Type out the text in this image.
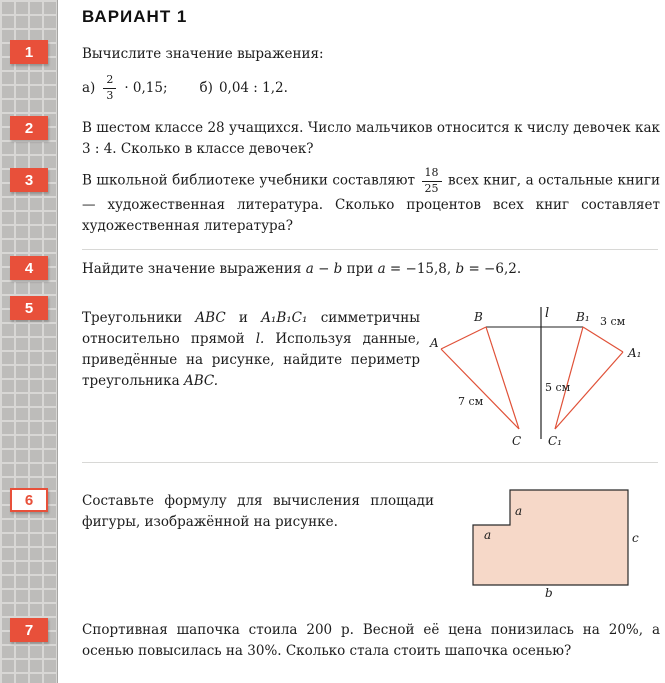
ВАРИАНТ 1
1	Вычислите значение выражения:

$а) \frac{2}{3} \cdot 0,15$; б) 0,04 : 1,2.
2	В шестом классе 28 учащихся. Число мальчиков относится к числу девочек как 3 : 4. Сколько в классе девочек?

3	В школьной библиотеке учебники составляют $\frac{18}{25}$ всех книг, а остальные книги — художественная литература. Сколько процентов всех книг составляет художественная литература?

4	Найдите значение выражения a − b при a = −15,8, b = −6,2.

5

Треугольники ABC и A₁B₁C₁ симметричны относительно прямой l. Используя данные, приведённые на рисунке, найдите периметр треугольника ABC.

l
B	B₁
A
A₁
C C₁
3 см
5 см
7 см
6	Составьте формулу для вычисления площади фигуры, изображённой на рисунке.

a
a	c
b
7	Спортивная шапочка стоила 200 р. Весной её цена понизилась на 20%, а осенью повысилась на 30%. Сколько стала стоить шапочка осенью?
